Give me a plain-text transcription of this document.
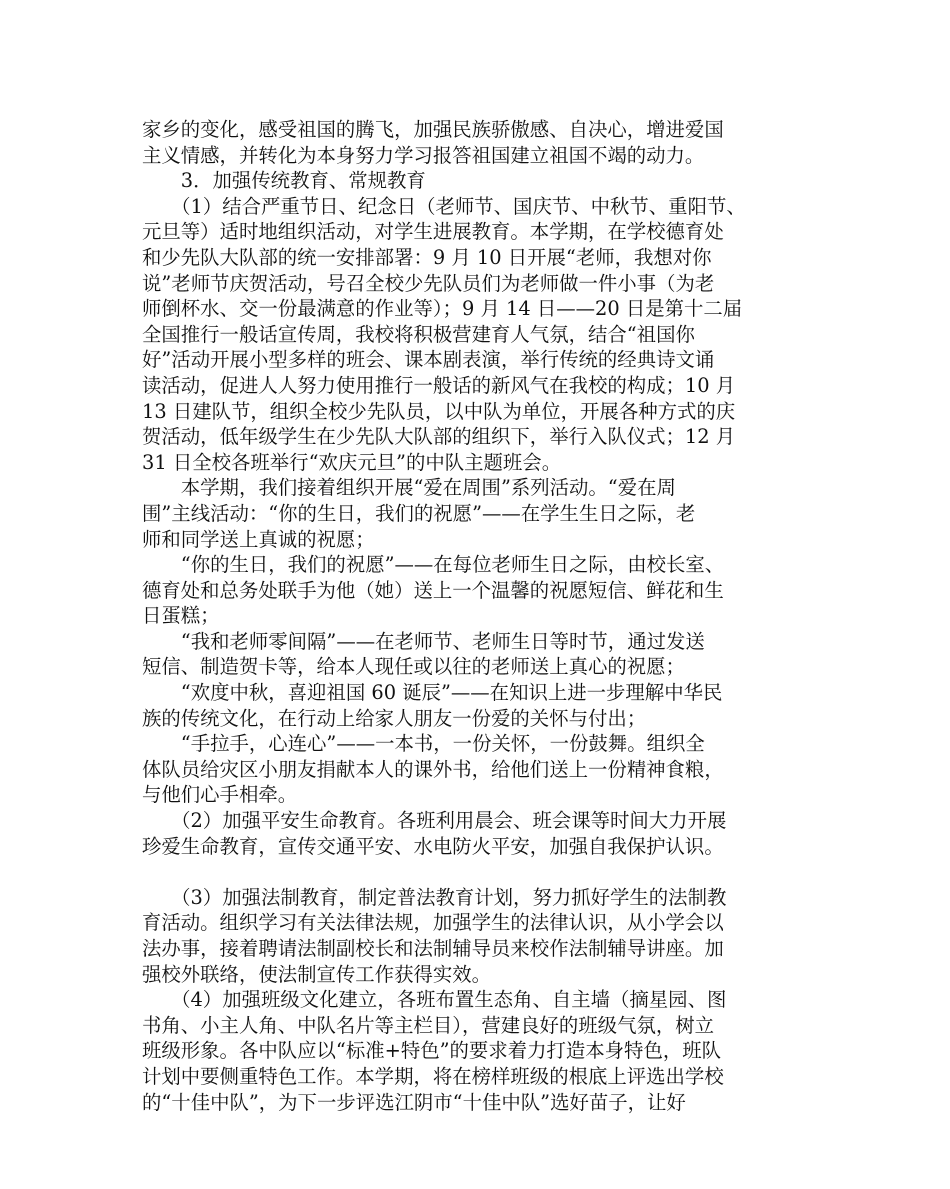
家乡的变化，感受祖国的腾飞，加强民族骄傲感、自决心，增进爱国

主义情感，并转化为本身努力学习报答祖国建立祖国不竭的动力。

　　3．加强传统教育、常规教育

　　（1）结合严重节日、纪念日（老师节、国庆节、中秋节、重阳节、

元旦等）适时地组织活动，对学生进展教育。本学期，在学校德育处

和少先队大队部的统一安排部署：9 月 10 日开展“老师，我想对你

说”老师节庆贺活动，号召全校少先队员们为老师做一件小事（为老

师倒杯水、交一份最满意的作业等）；9 月 14 日——20 日是第十二届

全国推行一般话宣传周，我校将积极营建育人气氛，结合“祖国你

好”活动开展小型多样的班会、课本剧表演，举行传统的经典诗文诵

读活动，促进人人努力使用推行一般话的新风气在我校的构成；10 月

13 日建队节，组织全校少先队员，以中队为单位，开展各种方式的庆

贺活动，低年级学生在少先队大队部的组织下，举行入队仪式；12 月

31 日全校各班举行“欢庆元旦”的中队主题班会。

　　本学期，我们接着组织开展“爱在周围”系列活动。“爱在周

围”主线活动：“你的生日，我们的祝愿”——在学生生日之际，老

师和同学送上真诚的祝愿；

　　“你的生日，我们的祝愿”——在每位老师生日之际，由校长室、

德育处和总务处联手为他（她）送上一个温馨的祝愿短信、鲜花和生

日蛋糕；

　　“我和老师零间隔”——在老师节、老师生日等时节，通过发送

短信、制造贺卡等，给本人现任或以往的老师送上真心的祝愿；

　　“欢度中秋，喜迎祖国 60 诞辰”——在知识上进一步理解中华民

族的传统文化，在行动上给家人朋友一份爱的关怀与付出；

　　“手拉手，心连心”——一本书，一份关怀，一份鼓舞。组织全

体队员给灾区小朋友捐献本人的课外书，给他们送上一份精神食粮，

与他们心手相牵。

　　（2）加强平安生命教育。各班利用晨会、班会课等时间大力开展

珍爱生命教育，宣传交通平安、水电防火平安，加强自我保护认识。

　　（3）加强法制教育，制定普法教育计划，努力抓好学生的法制教

育活动。组织学习有关法律法规，加强学生的法律认识，从小学会以

法办事，接着聘请法制副校长和法制辅导员来校作法制辅导讲座。加

强校外联络，使法制宣传工作获得实效。

　　（4）加强班级文化建立，各班布置生态角、自主墙（摘星园、图

书角、小主人角、中队名片等主栏目），营建良好的班级气氛，树立

班级形象。各中队应以“标准+特色”的要求着力打造本身特色，班队

计划中要侧重特色工作。本学期，将在榜样班级的根底上评选出学校

的“十佳中队”，为下一步评选江阴市“十佳中队”选好苗子，让好
